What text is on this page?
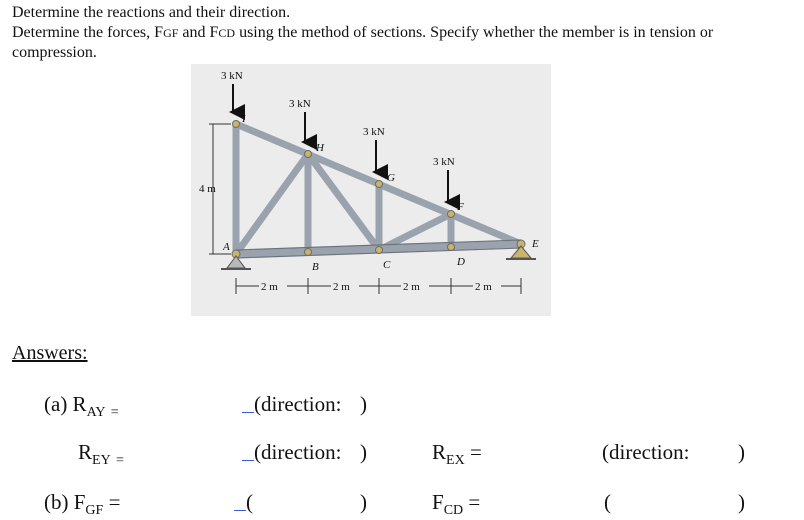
Determine the reactions and their direction.
Determine the forces, FGF and FCD using the method of sections. Specify whether the member is in tension or
compression.
3 kN
3 kN
3 kN
3 kN
4 m
A
B	C	D
E
F
G
H
I
2 m	2 m	2 m	2 m
Answers:
(a) $R_{AY}$ $_=$	(direction: )
$R_{EY}$ $_=$	(direction: )	$R_{EX}$ =	(direction: )
(b) $F_{GF}$ =	(	)	$F_{CD}$ =	(	)
